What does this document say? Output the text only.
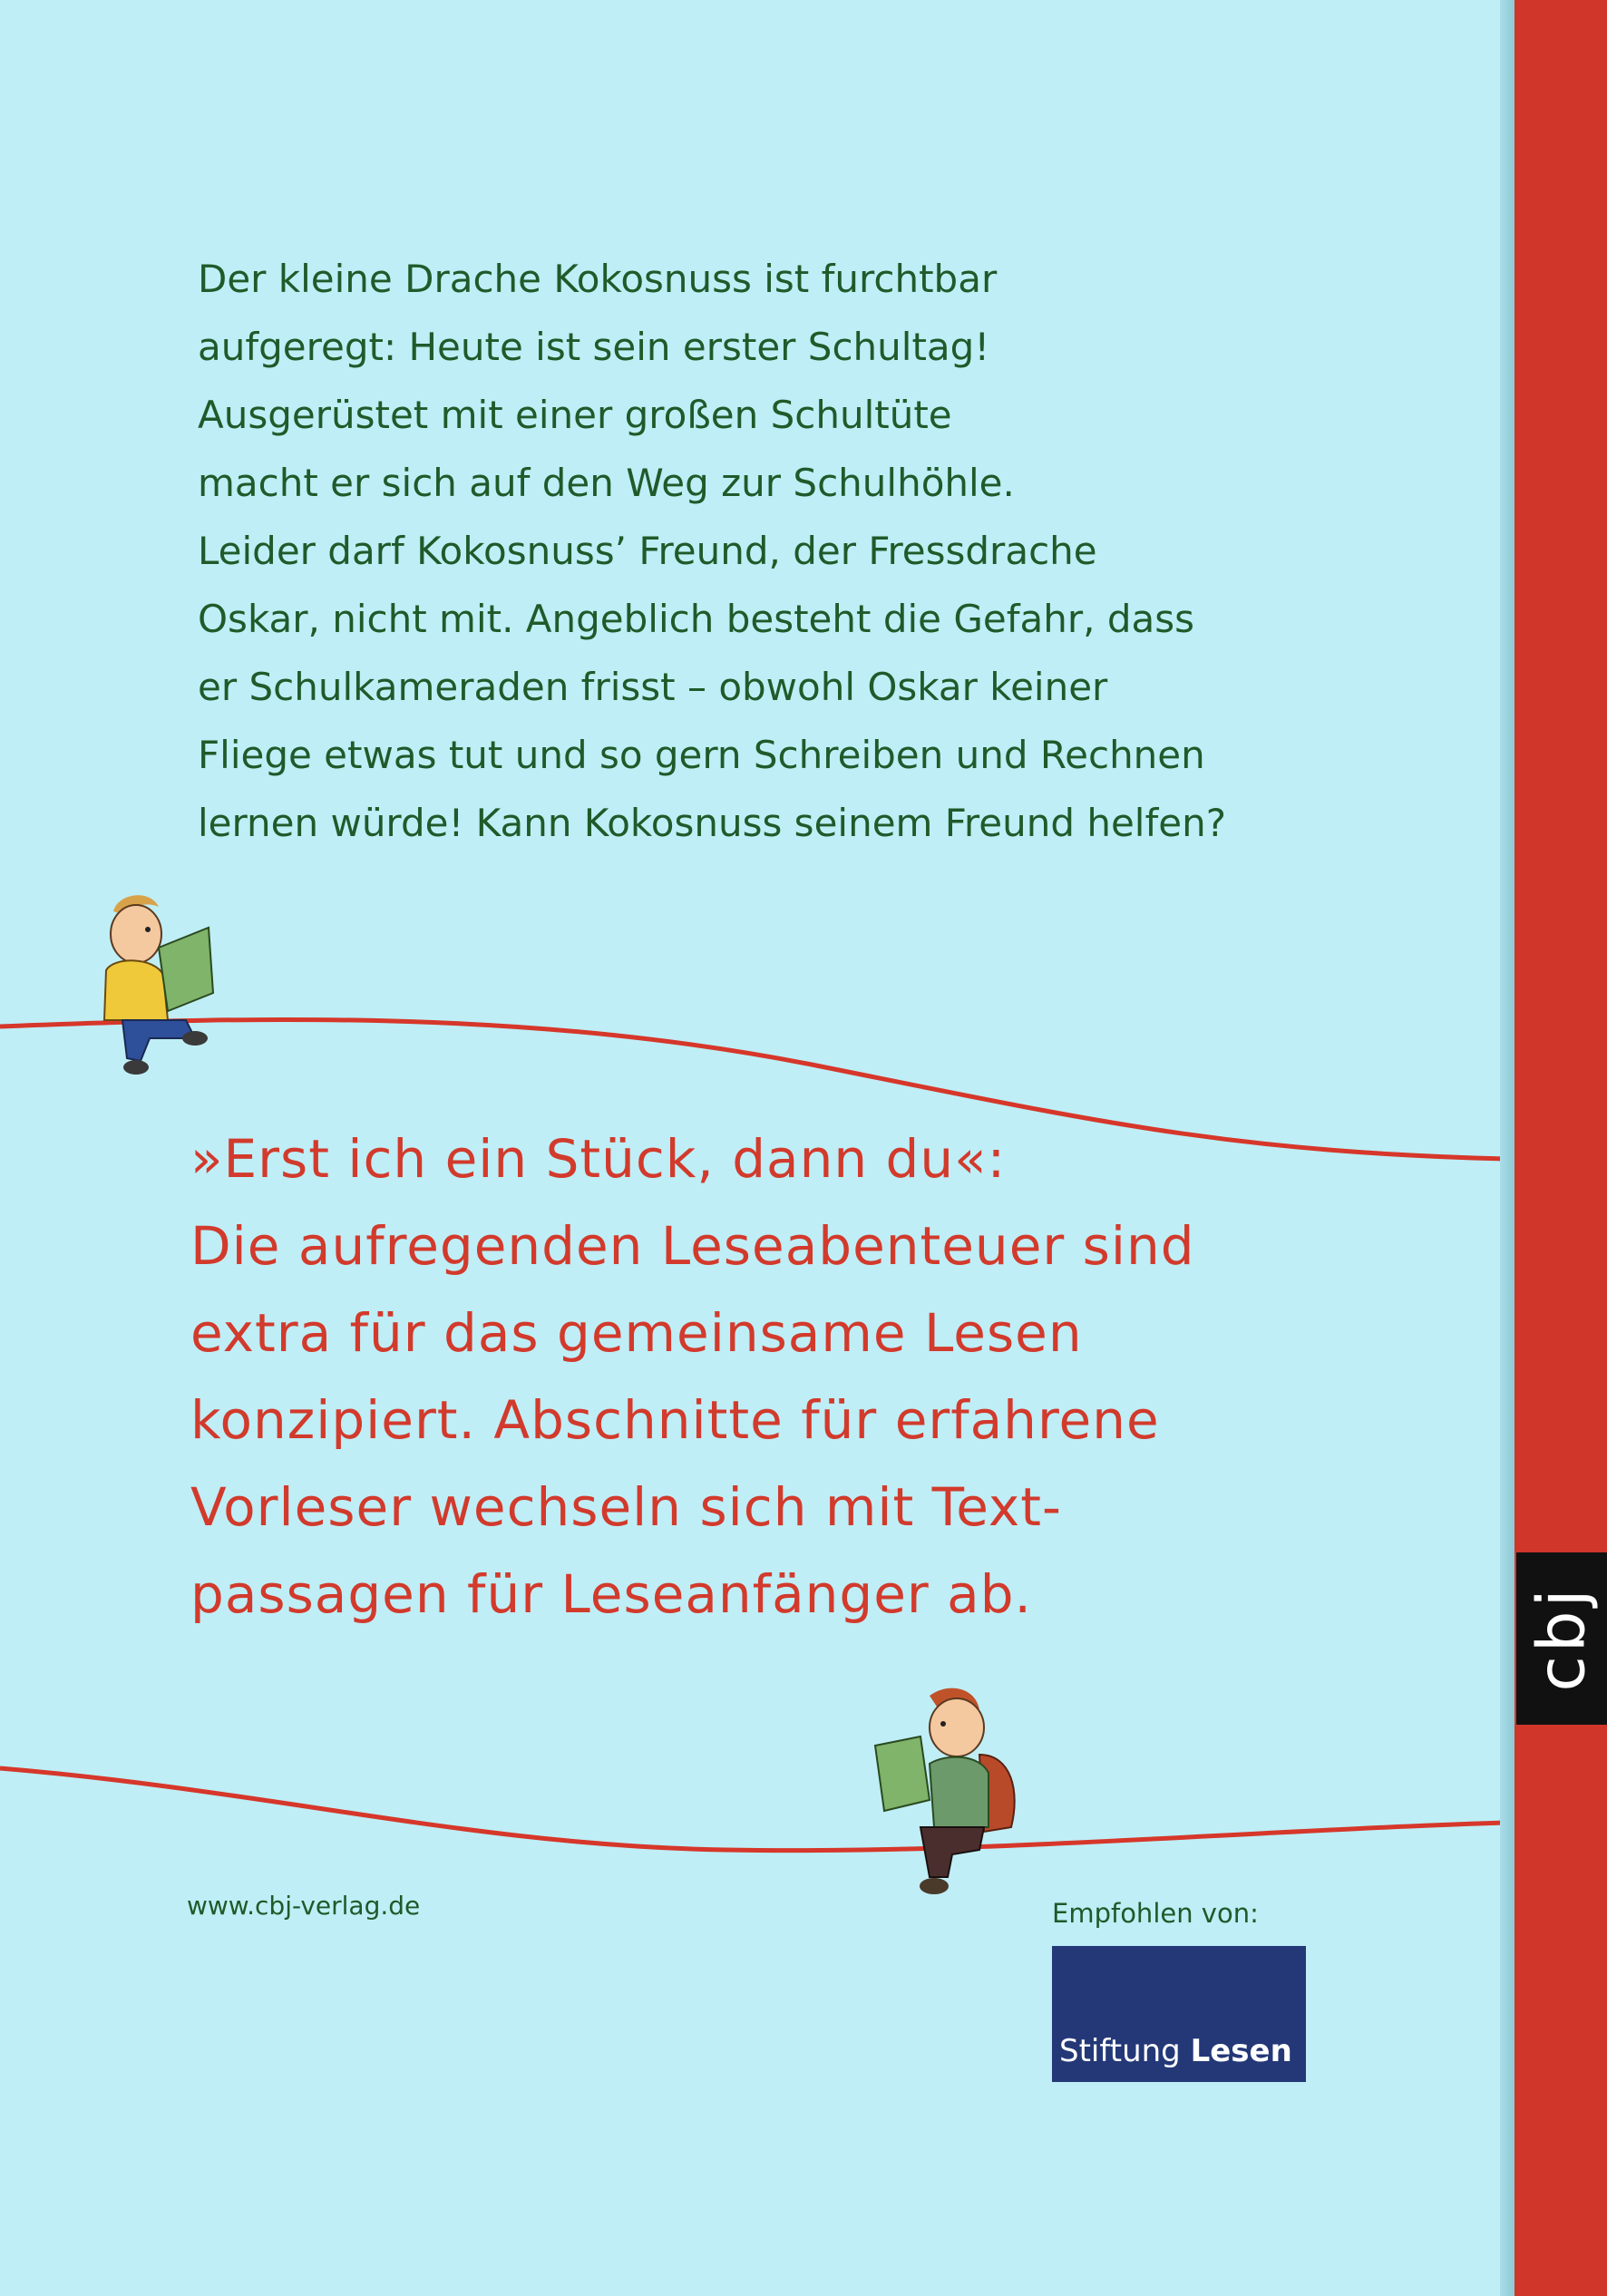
cbj
Der kleine Drache Kokosnuss ist furchtbar
aufgeregt: Heute ist sein erster Schultag!
Ausgerüstet mit einer großen Schultüte
macht er sich auf den Weg zur Schulhöhle.
Leider darf Kokosnuss’ Freund, der Fressdrache
Oskar, nicht mit. Angeblich besteht die Gefahr, dass
er Schulkameraden frisst – obwohl Oskar keiner
Fliege etwas tut und so gern Schreiben und Rechnen
lernen würde! Kann Kokosnuss seinem Freund helfen?
»Erst ich ein Stück, dann du«:
Die aufregenden Leseabenteuer sind
extra für das gemeinsame Lesen
konzipiert. Abschnitte für erfahrene
Vorleser wechseln sich mit Text-
passagen für Leseanfänger ab.
www.cbj-verlag.de	Empfohlen von:
Stiftung Lesen
